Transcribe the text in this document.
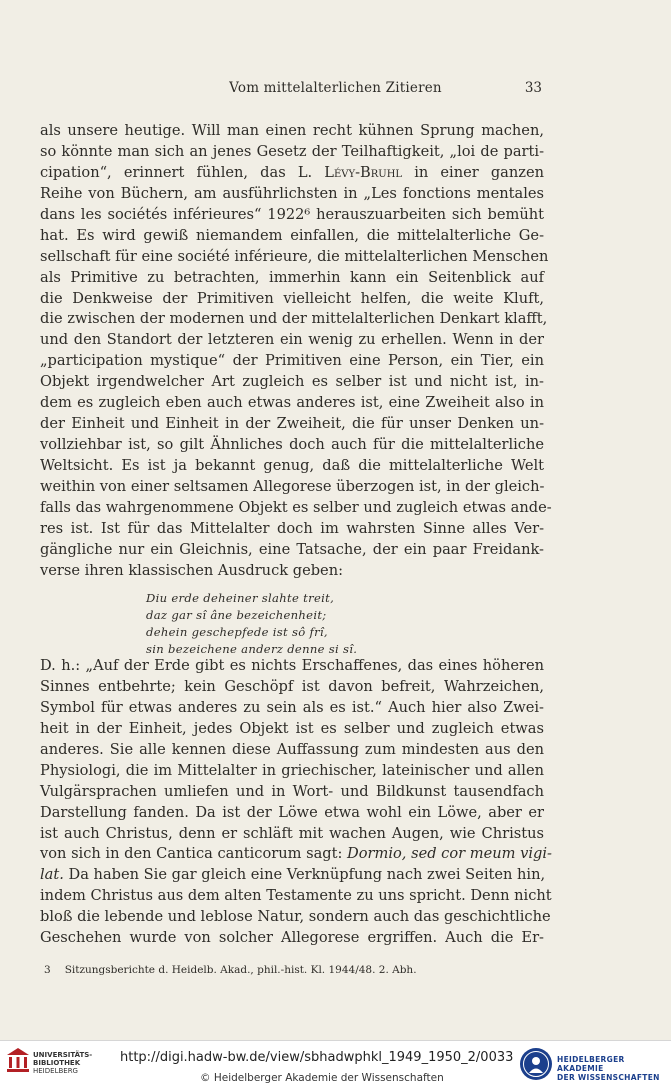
Vom mittelalterlichen Zitieren	33
als unsere heutige. Will man einen recht kühnen Sprung machen,
so könnte man sich an jenes Gesetz der Teilhaftigkeit, „loi de parti-
cipation“, erinnert fühlen, das L. Lévy-Bruhl in einer ganzen
Reihe von Büchern, am ausführlichsten in „Les fonctions mentales
dans les sociétés inférieures“ 1922⁶ herauszuarbeiten sich bemüht
hat. Es wird gewiß niemandem einfallen, die mittelalterliche Ge-
sellschaft für eine société inférieure, die mittelalterlichen Menschen
als Primitive zu betrachten, immerhin kann ein Seitenblick auf
die Denkweise der Primitiven vielleicht helfen, die weite Kluft,
die zwischen der modernen und der mittelalterlichen Denkart klafft,
und den Standort der letzteren ein wenig zu erhellen. Wenn in der
„participation mystique“ der Primitiven eine Person, ein Tier, ein
Objekt irgendwelcher Art zugleich es selber ist und nicht ist, in-
dem es zugleich eben auch etwas anderes ist, eine Zweiheit also in
der Einheit und Einheit in der Zweiheit, die für unser Denken un-
vollziehbar ist, so gilt Ähnliches doch auch für die mittelalterliche
Weltsicht. Es ist ja bekannt genug, daß die mittelalterliche Welt
weithin von einer seltsamen Allegorese überzogen ist, in der gleich-
falls das wahrgenommene Objekt es selber und zugleich etwas ande-
res ist. Ist für das Mittelalter doch im wahrsten Sinne alles Ver-
gängliche nur ein Gleichnis, eine Tatsache, der ein paar Freidank-
verse ihren klassischen Ausdruck geben:
Diu erde deheiner slahte treit,
daz gar sî âne bezeichenheit;
dehein geschepfede ist sô frî,
sin bezeichene anderz denne si sî.
D. h.: „Auf der Erde gibt es nichts Erschaffenes, das eines höheren
Sinnes entbehrte; kein Geschöpf ist davon befreit, Wahrzeichen,
Symbol für etwas anderes zu sein als es ist.“ Auch hier also Zwei-
heit in der Einheit, jedes Objekt ist es selber und zugleich etwas
anderes. Sie alle kennen diese Auffassung zum mindesten aus den
Physiologi, die im Mittelalter in griechischer, lateinischer und allen
Vulgärsprachen umliefen und in Wort- und Bildkunst tausendfach
Darstellung fanden. Da ist der Löwe etwa wohl ein Löwe, aber er
ist auch Christus, denn er schläft mit wachen Augen, wie Christus
von sich in den Cantica canticorum sagt: Dormio, sed cor meum vigi-
lat. Da haben Sie gar gleich eine Verknüpfung nach zwei Seiten hin,
indem Christus aus dem alten Testamente zu uns spricht. Denn nicht
bloß die lebende und leblose Natur, sondern auch das geschichtliche
Geschehen wurde von solcher Allegorese ergriffen. Auch die Er-
3 Sitzungsberichte d. Heidelb. Akad., phil.-hist. Kl. 1944/48. 2. Abh.
UNIVERSITÄTS-
BIBLIOTHEK
HEIDELBERG
http://digi.hadw-bw.de/view/sbhadwphkl_1949_1950_2/0033
© Heidelberger Akademie der Wissenschaften
HEIDELBERGER AKADEMIE
DER WISSENSCHAFTEN
